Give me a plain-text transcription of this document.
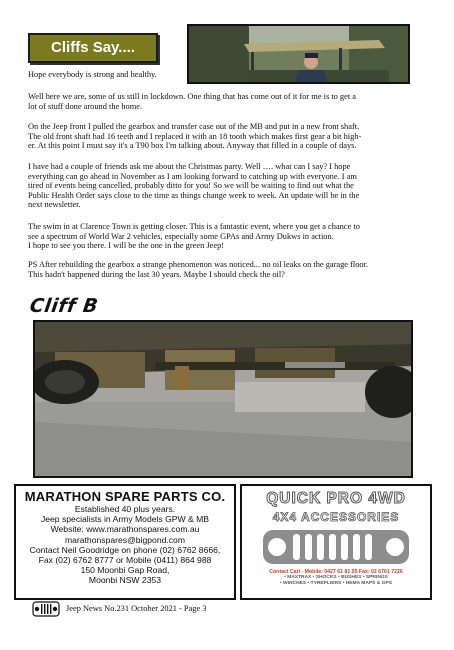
Cliffs Say....
Hope everybody is strong and healthy.
Well here we are, some of us still in lockdown. One thing that has come out of it for me is to get a
lot of stuff done around the home.
On the Jeep front I pulled the gearbox and transfer case out of the MB and put in a new front shaft.
The old front shaft had 16 teeth and I replaced it with an 18 tooth which makes first gear a bit high-
er. At this point I must say it's a T90 box I'm talking about. Anyway that filled in a couple of days.
I have had a couple of friends ask me about the Christmas party. Well …. what can I say? I hope
everything can go ahead in November as I am looking forward to catching up with everyone. I am
tired of events being cancelled, probably ditto for you! So we will be waiting to find out what the
Public Health Order says close to the time as things change week to week. An update will be in the
next newsletter.
The swim in at Clarence Town is getting closer. This is a fantastic event, where you get a chance to
see a spectrum of World War 2 vehicles, especially some GPAs and Army Dukws in action.
I hope to see you there. I will be the one in the green Jeep!
PS After rebuilding the gearbox a strange phenomenon was noticed... no oil leaks on the garage floor.
This hadn't happened during the last 30 years. Maybe I should check the oil?
Cliff B
MARATHON SPARE PARTS CO.
Established 40 plus years.
Jeep specialists in Army Models GPW & MB
Website: www.marathonspares.com.au
marathonspares@bigpond.com
Contact Neil Goodridge on phone (02) 6762 8666,
Fax (02) 6762 8777 or Mobile (0411) 864 988
150 Moonbi Gap Road,
Moonbi NSW 2353
QUICK PRO 4WD
4X4 ACCESSORIES
Contact Carl - Mobile: 0427 61 81 05 Fax: 02 6761 7226
• MAXTRAX • SHOCKS • BUSHES • SPRINGS
• WINCHES • TYREPLIERS • HEMA MAPS & GPS
Jeep News No.231 October 2021 - Page 3
